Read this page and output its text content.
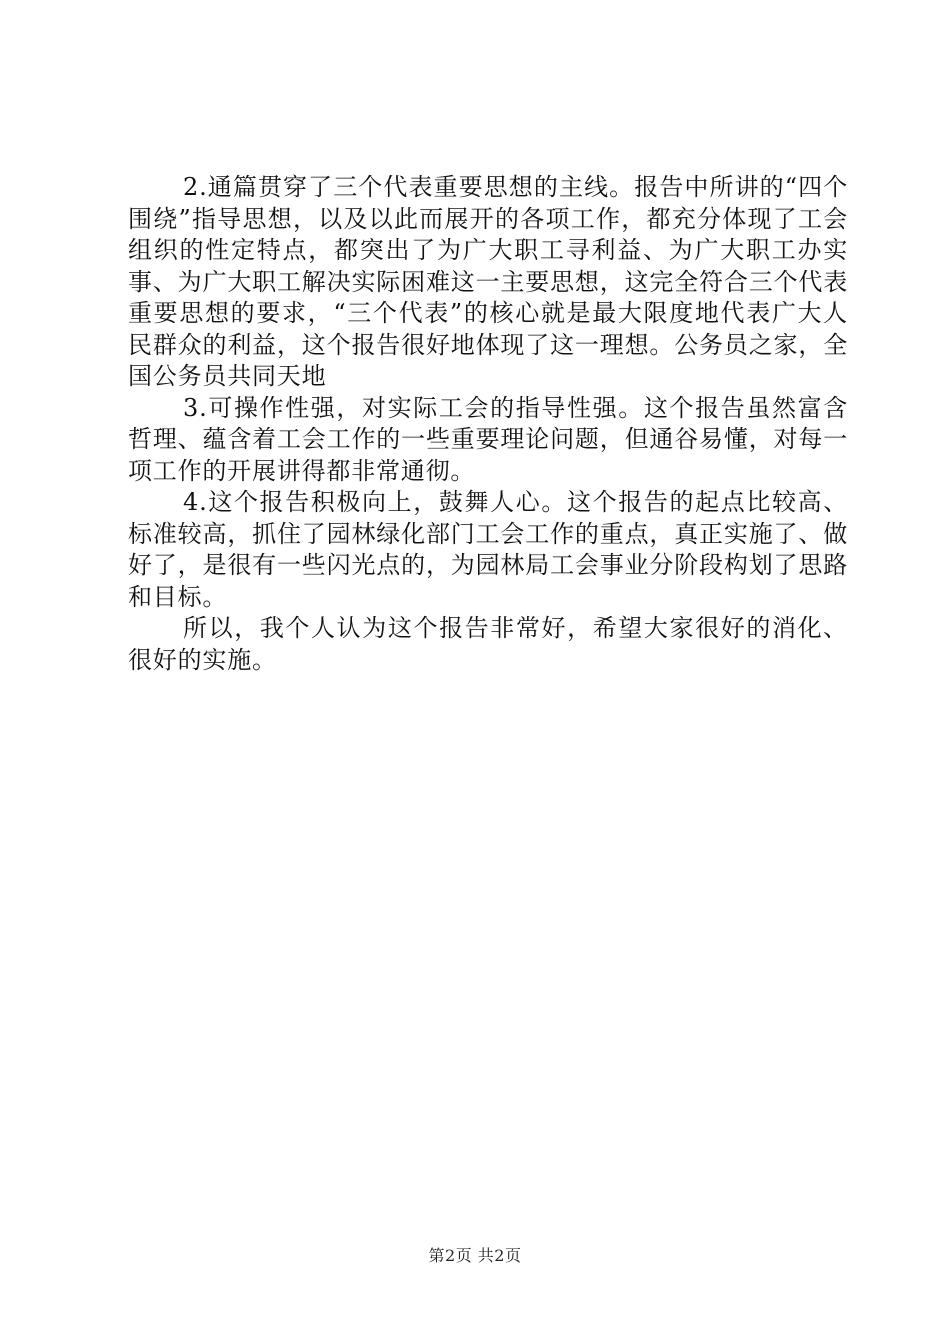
2.通篇贯穿了三个代表重要思想的主线。报告中所讲的“四个围绕”指导思想，以及以此而展开的各项工作，都充分体现了工会组织的性定特点，都突出了为广大职工寻利益、为广大职工办实事、为广大职工解决实际困难这一主要思想，这完全符合三个代表重要思想的要求，“三个代表”的核心就是最大限度地代表广大人民群众的利益，这个报告很好地体现了这一理想。公务员之家，全国公务员共同天地

3.可操作性强，对实际工会的指导性强。这个报告虽然富含哲理、蕴含着工会工作的一些重要理论问题，但通谷易懂，对每一项工作的开展讲得都非常通彻。

4.这个报告积极向上，鼓舞人心。这个报告的起点比较高、标准较高，抓住了园林绿化部门工会工作的重点，真正实施了、做好了，是很有一些闪光点的，为园林局工会事业分阶段构划了思路和目标。

所以，我个人认为这个报告非常好，希望大家很好的消化、很好的实施。

第2页 共2页
